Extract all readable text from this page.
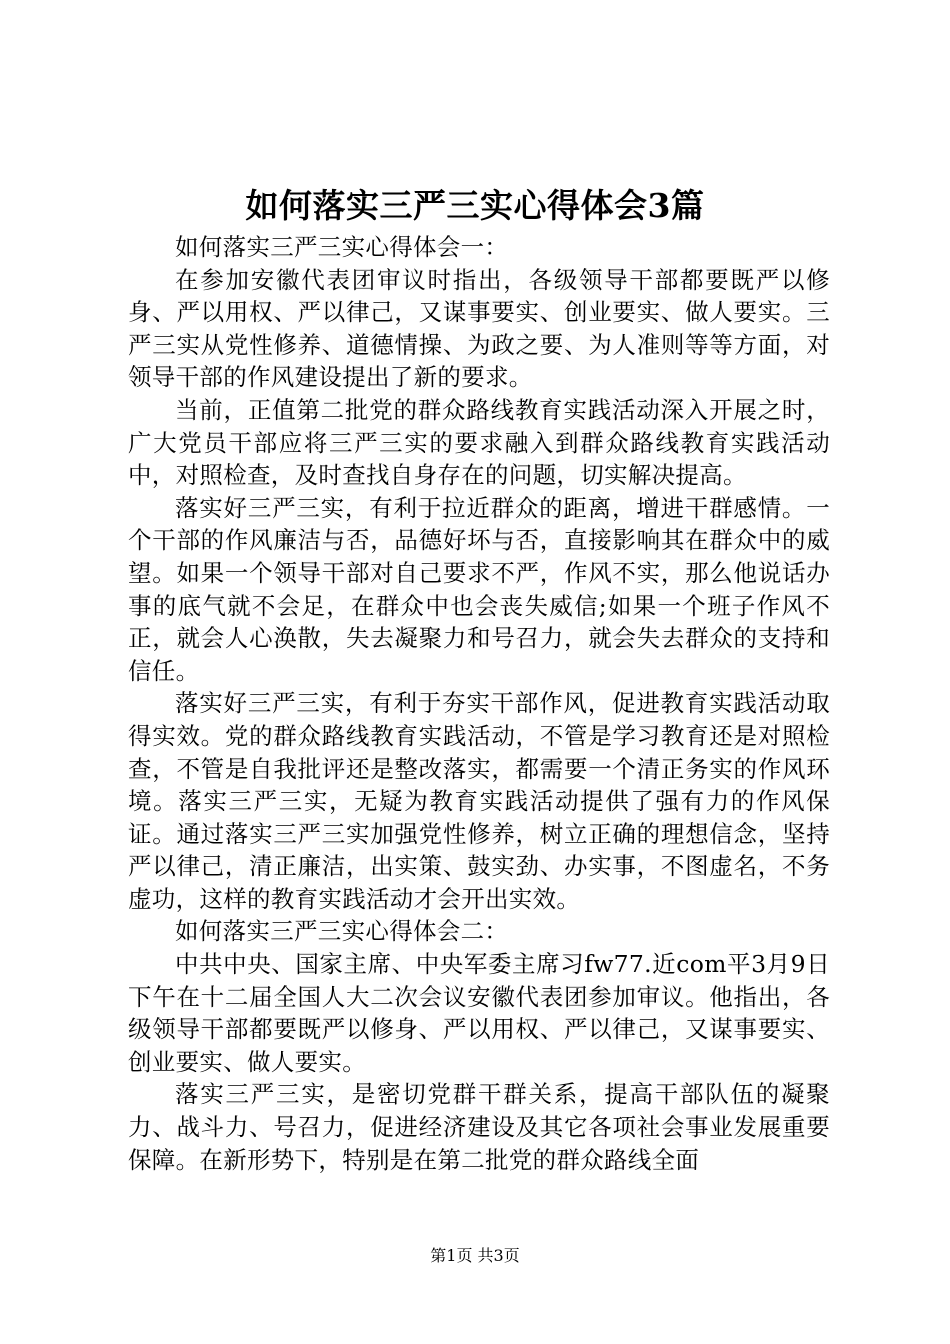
如何落实三严三实心得体会3篇

如何落实三严三实心得体会一：

在参加安徽代表团审议时指出，各级领导干部都要既严以修身、严以用权、严以律己，又谋事要实、创业要实、做人要实。三严三实从党性修养、道德情操、为政之要、为人准则等等方面，对领导干部的作风建设提出了新的要求。

当前，正值第二批党的群众路线教育实践活动深入开展之时，广大党员干部应将三严三实的要求融入到群众路线教育实践活动中，对照检查，及时查找自身存在的问题，切实解决提高。

落实好三严三实，有利于拉近群众的距离，增进干群感情。一个干部的作风廉洁与否，品德好坏与否，直接影响其在群众中的威望。如果一个领导干部对自己要求不严，作风不实，那么他说话办事的底气就不会足，在群众中也会丧失威信;如果一个班子作风不正，就会人心涣散，失去凝聚力和号召力，就会失去群众的支持和信任。

落实好三严三实，有利于夯实干部作风，促进教育实践活动取得实效。党的群众路线教育实践活动，不管是学习教育还是对照检查，不管是自我批评还是整改落实，都需要一个清正务实的作风环境。落实三严三实，无疑为教育实践活动提供了强有力的作风保证。通过落实三严三实加强党性修养，树立正确的理想信念，坚持严以律己，清正廉洁，出实策、鼓实劲、办实事，不图虚名，不务虚功，这样的教育实践活动才会开出实效。

如何落实三严三实心得体会二：

中共中央、国家主席、中央军委主席习fw77.近com平3月9日下午在十二届全国人大二次会议安徽代表团参加审议。他指出，各级领导干部都要既严以修身、严以用权、严以律己，又谋事要实、创业要实、做人要实。

落实三严三实，是密切党群干群关系，提高干部队伍的凝聚力、战斗力、号召力，促进经济建设及其它各项社会事业发展重要保障。在新形势下，特别是在第二批党的群众路线全面

第1页 共3页
